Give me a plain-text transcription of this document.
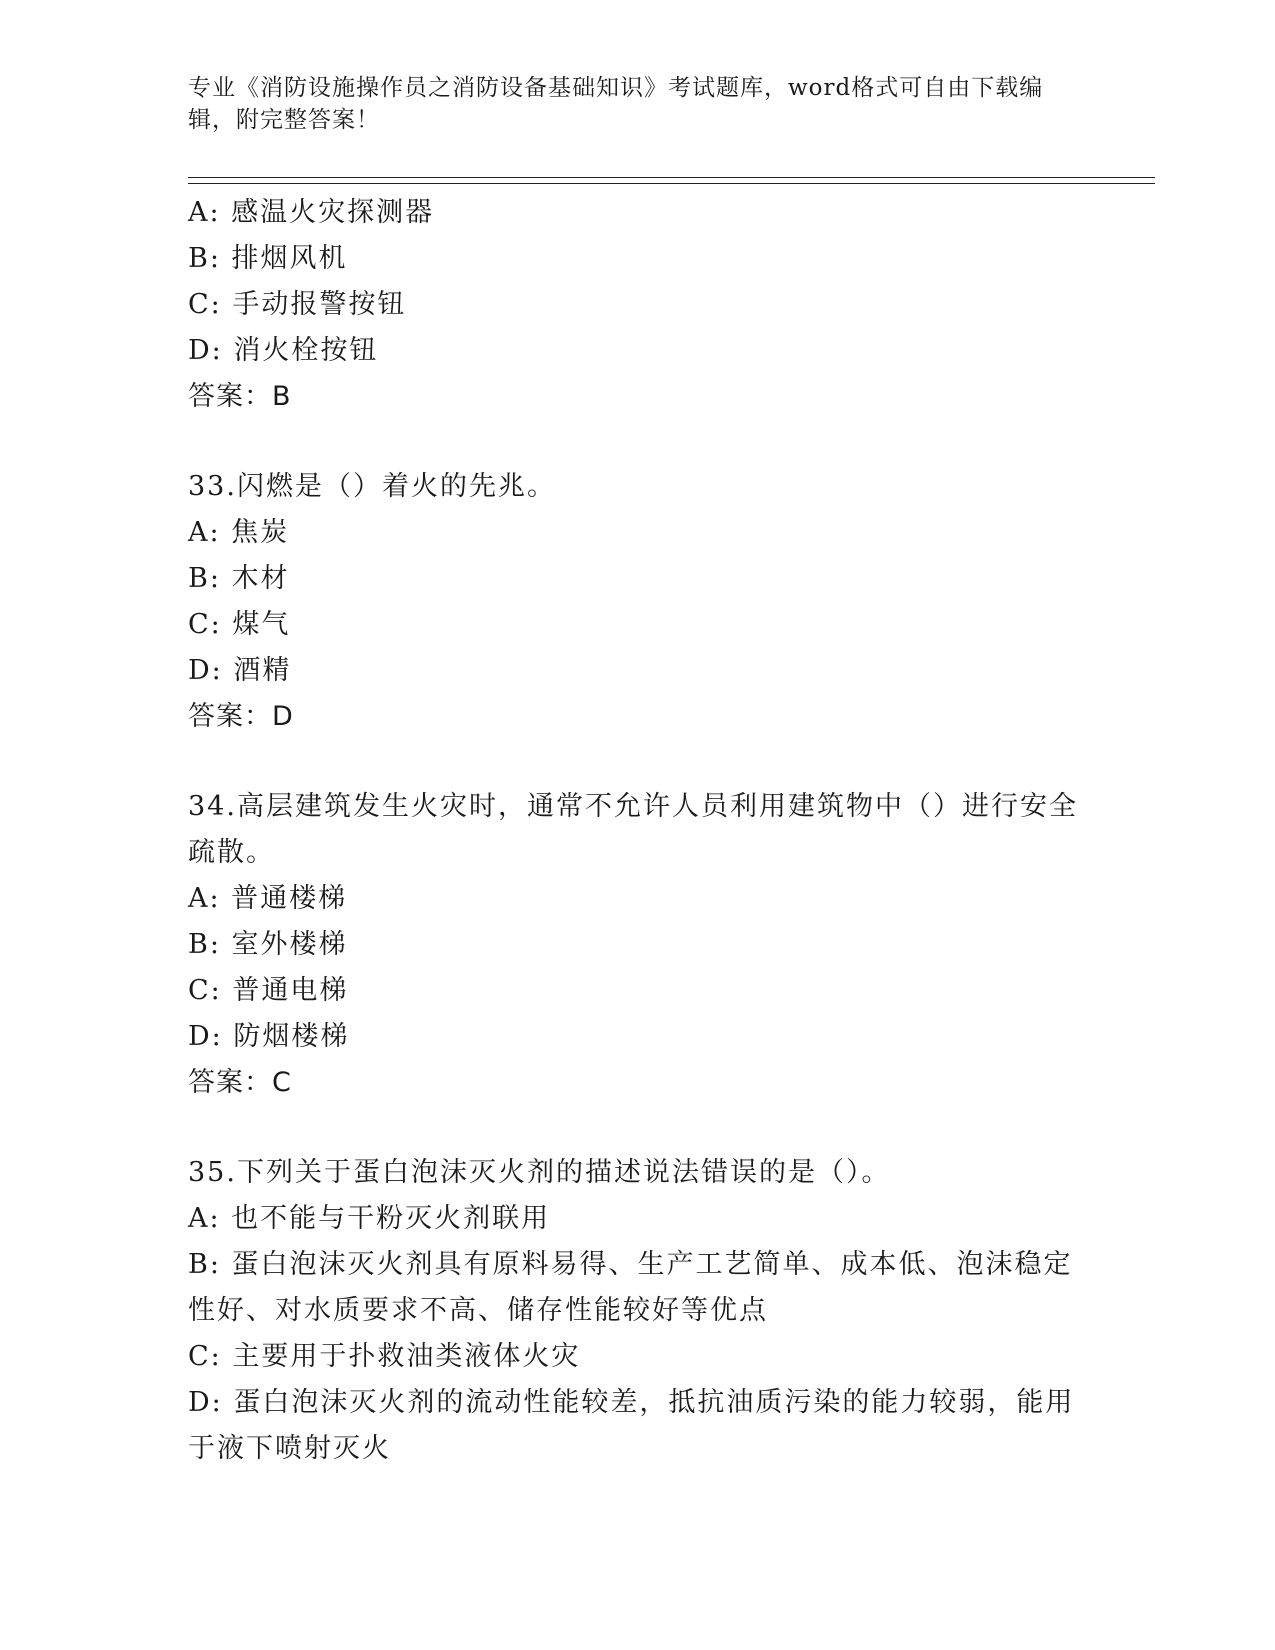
专业《消防设施操作员之消防设备基础知识》考试题库，word格式可自由下载编辑，附完整答案！

A: 感温火灾探测器

B: 排烟风机

C: 手动报警按钮

D: 消火栓按钮

答案：B

33.闪燃是（）着火的先兆。

A: 焦炭

B: 木材

C: 煤气

D: 酒精

答案：D

34.高层建筑发生火灾时，通常不允许人员利用建筑物中（）进行安全

疏散。

A: 普通楼梯

B: 室外楼梯

C: 普通电梯

D: 防烟楼梯

答案：C

35.下列关于蛋白泡沫灭火剂的描述说法错误的是（）。

A: 也不能与干粉灭火剂联用

B: 蛋白泡沫灭火剂具有原料易得、生产工艺简单、成本低、泡沫稳定

性好、对水质要求不高、储存性能较好等优点

C: 主要用于扑救油类液体火灾

D: 蛋白泡沫灭火剂的流动性能较差，抵抗油质污染的能力较弱，能用

于液下喷射灭火
